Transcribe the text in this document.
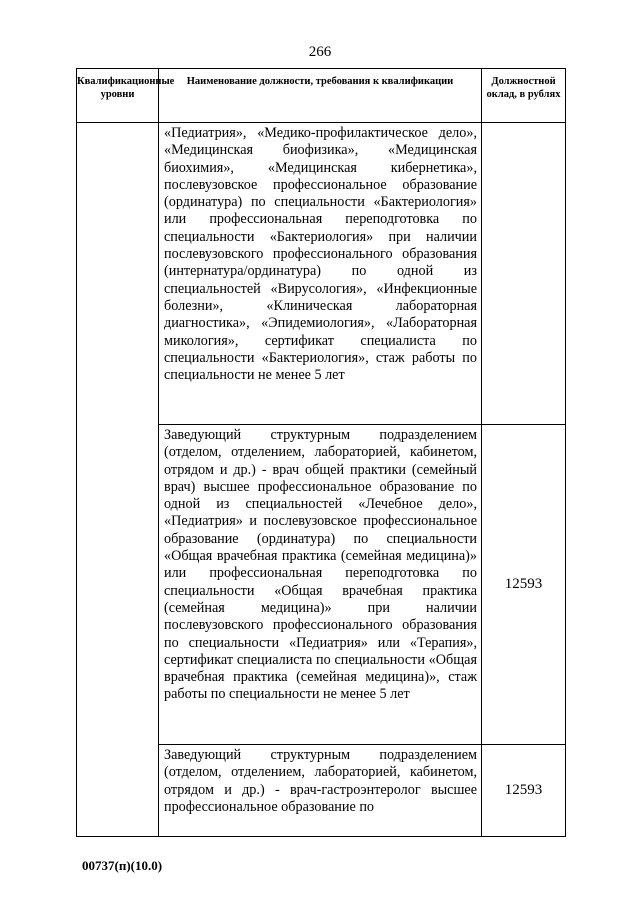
266
Квалификационные уровни	Наименование должности, требования к квалификации	Должностной оклад, в рублях
	«Педиатрия», «Медико-профилактическое дело», «Медицинская биофизика», «Медицинская биохимия», «Медицинская кибернетика», послевузовское профессиональное образование (ординатура) по специальности «Бактериология» или профессиональная переподготовка по специальности «Бактериология» при наличии послевузовского профессионального образования (интернатура/ординатура) по одной из специальностей «Вирусология», «Инфекционные болезни», «Клиническая лабораторная диагностика», «Эпидемиология», «Лабораторная микология», сертификат специалиста по специальности «Бактериология», стаж работы по специальности не менее 5 лет	
	Заведующий структурным подразделением (отделом, отделением, лабораторией, кабинетом, отрядом и др.) - врач общей практики (семейный врач) высшее профессиональное образование по одной из специальностей «Лечебное дело», «Педиатрия» и послевузовское профессиональное образование (ординатура) по специальности «Общая врачебная практика (семейная медицина)» или профессиональная переподготовка по специальности «Общая врачебная практика (семейная медицина)» при наличии послевузовского профессионального образования по специальности «Педиатрия» или «Терапия», сертификат специалиста по специальности «Общая врачебная практика (семейная медицина)», стаж работы по специальности не менее 5 лет	12593
	Заведующий структурным подразделением (отделом, отделением, лабораторией, кабинетом, отрядом и др.) - врач-гастроэнтеролог высшее профессиональное образование по	12593
00737(п)(10.0)
